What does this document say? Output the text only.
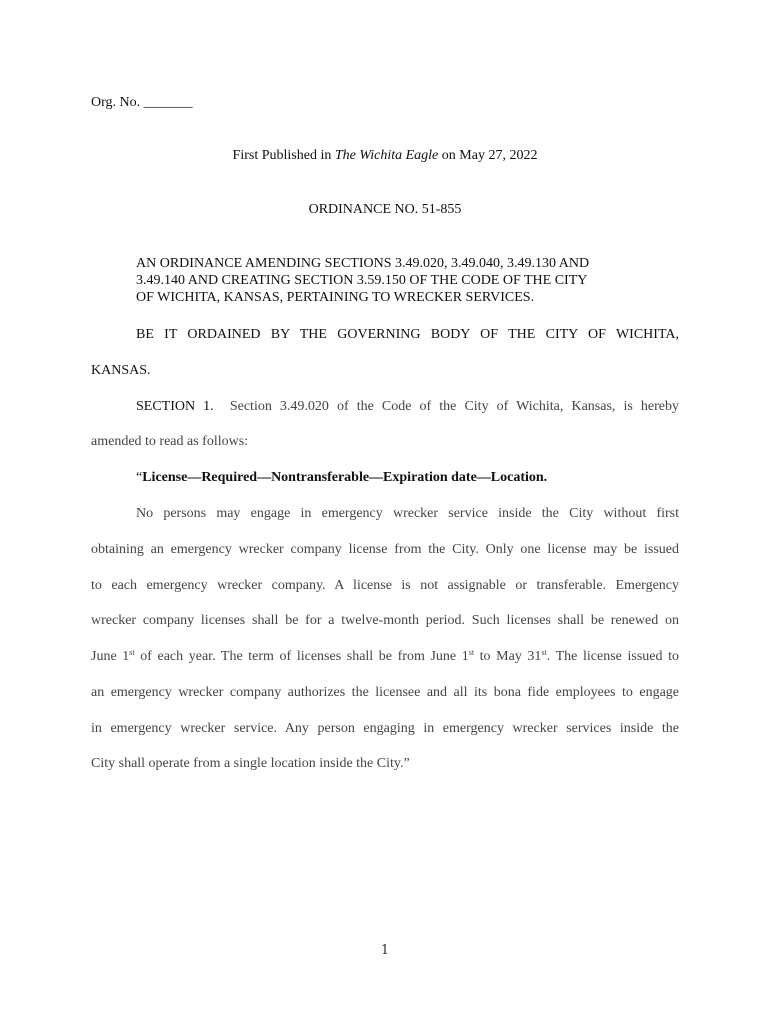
Org. No. _______
First Published in The Wichita Eagle on May 27, 2022
ORDINANCE NO. 51-855
AN ORDINANCE AMENDING SECTIONS 3.49.020, 3.49.040, 3.49.130 AND
3.49.140 AND CREATING SECTION 3.59.150 OF THE CODE OF THE CITY
OF WICHITA, KANSAS, PERTAINING TO WRECKER SERVICES.
BE IT ORDAINED BY THE GOVERNING BODY OF THE CITY OF WICHITA,
KANSAS.
SECTION 1. Section 3.49.020 of the Code of the City of Wichita, Kansas, is hereby
amended to read as follows:
“License—Required—Nontransferable—Expiration date—Location.
No persons may engage in emergency wrecker service inside the City without first
obtaining an emergency wrecker company license from the City. Only one license may be issued
to each emergency wrecker company. A license is not assignable or transferable. Emergency
wrecker company licenses shall be for a twelve-month period. Such licenses shall be renewed on
June 1st of each year. The term of licenses shall be from June 1st to May 31st. The license issued to
an emergency wrecker company authorizes the licensee and all its bona fide employees to engage
in emergency wrecker service. Any person engaging in emergency wrecker services inside the
City shall operate from a single location inside the City.”
1
